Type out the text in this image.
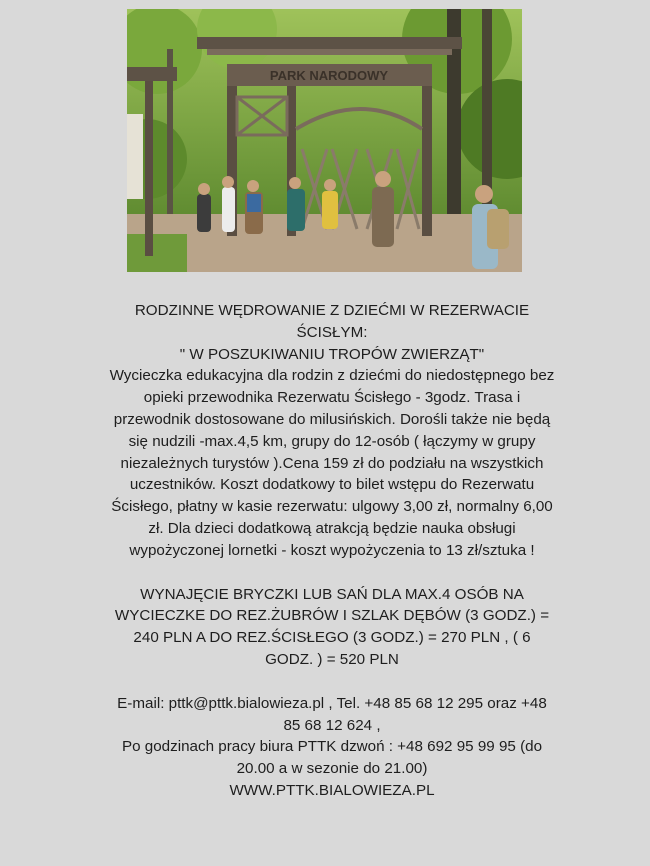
PARK NARODOWY

RODZINNE WĘDROWANIE Z DZIEĆMI W REZERWACIE

ŚCISŁYM:

" W POSZUKIWANIU TROPÓW ZWIERZĄT"

Wycieczka edukacyjna dla rodzin z dziećmi do niedostępnego bez

opieki przewodnika Rezerwatu Ścisłego - 3godz. Trasa i

przewodnik dostosowane do milusińskich. Dorośli także nie będą

się nudzili -max.4,5 km, grupy do 12-osób ( łączymy w grupy

niezależnych turystów ).Cena 159 zł do podziału na wszystkich

uczestników. Koszt dodatkowy to bilet wstępu do Rezerwatu

Ścisłego, płatny w kasie rezerwatu: ulgowy 3,00 zł, normalny 6,00

zł. Dla dzieci dodatkową atrakcją będzie nauka obsługi

wypożyczonej lornetki - koszt wypożyczenia to 13 zł/sztuka !

WYNAJĘCIE BRYCZKI LUB SAŃ DLA MAX.4 OSÓB NA

WYCIECZKE DO REZ.ŻUBRÓW I SZLAK DĘBÓW (3 GODZ.) =

240 PLN A DO REZ.ŚCISŁEGO (3 GODZ.) = 270 PLN , ( 6

GODZ. ) = 520 PLN

E-mail: pttk@pttk.bialowieza.pl , Tel. +48 85 68 12 295 oraz +48

85 68 12 624 ,

Po godzinach pracy biura PTTK dzwoń : +48 692 95 99 95 (do

20.00 a w sezonie do 21.00)

WWW.PTTK.BIALOWIEZA.PL
